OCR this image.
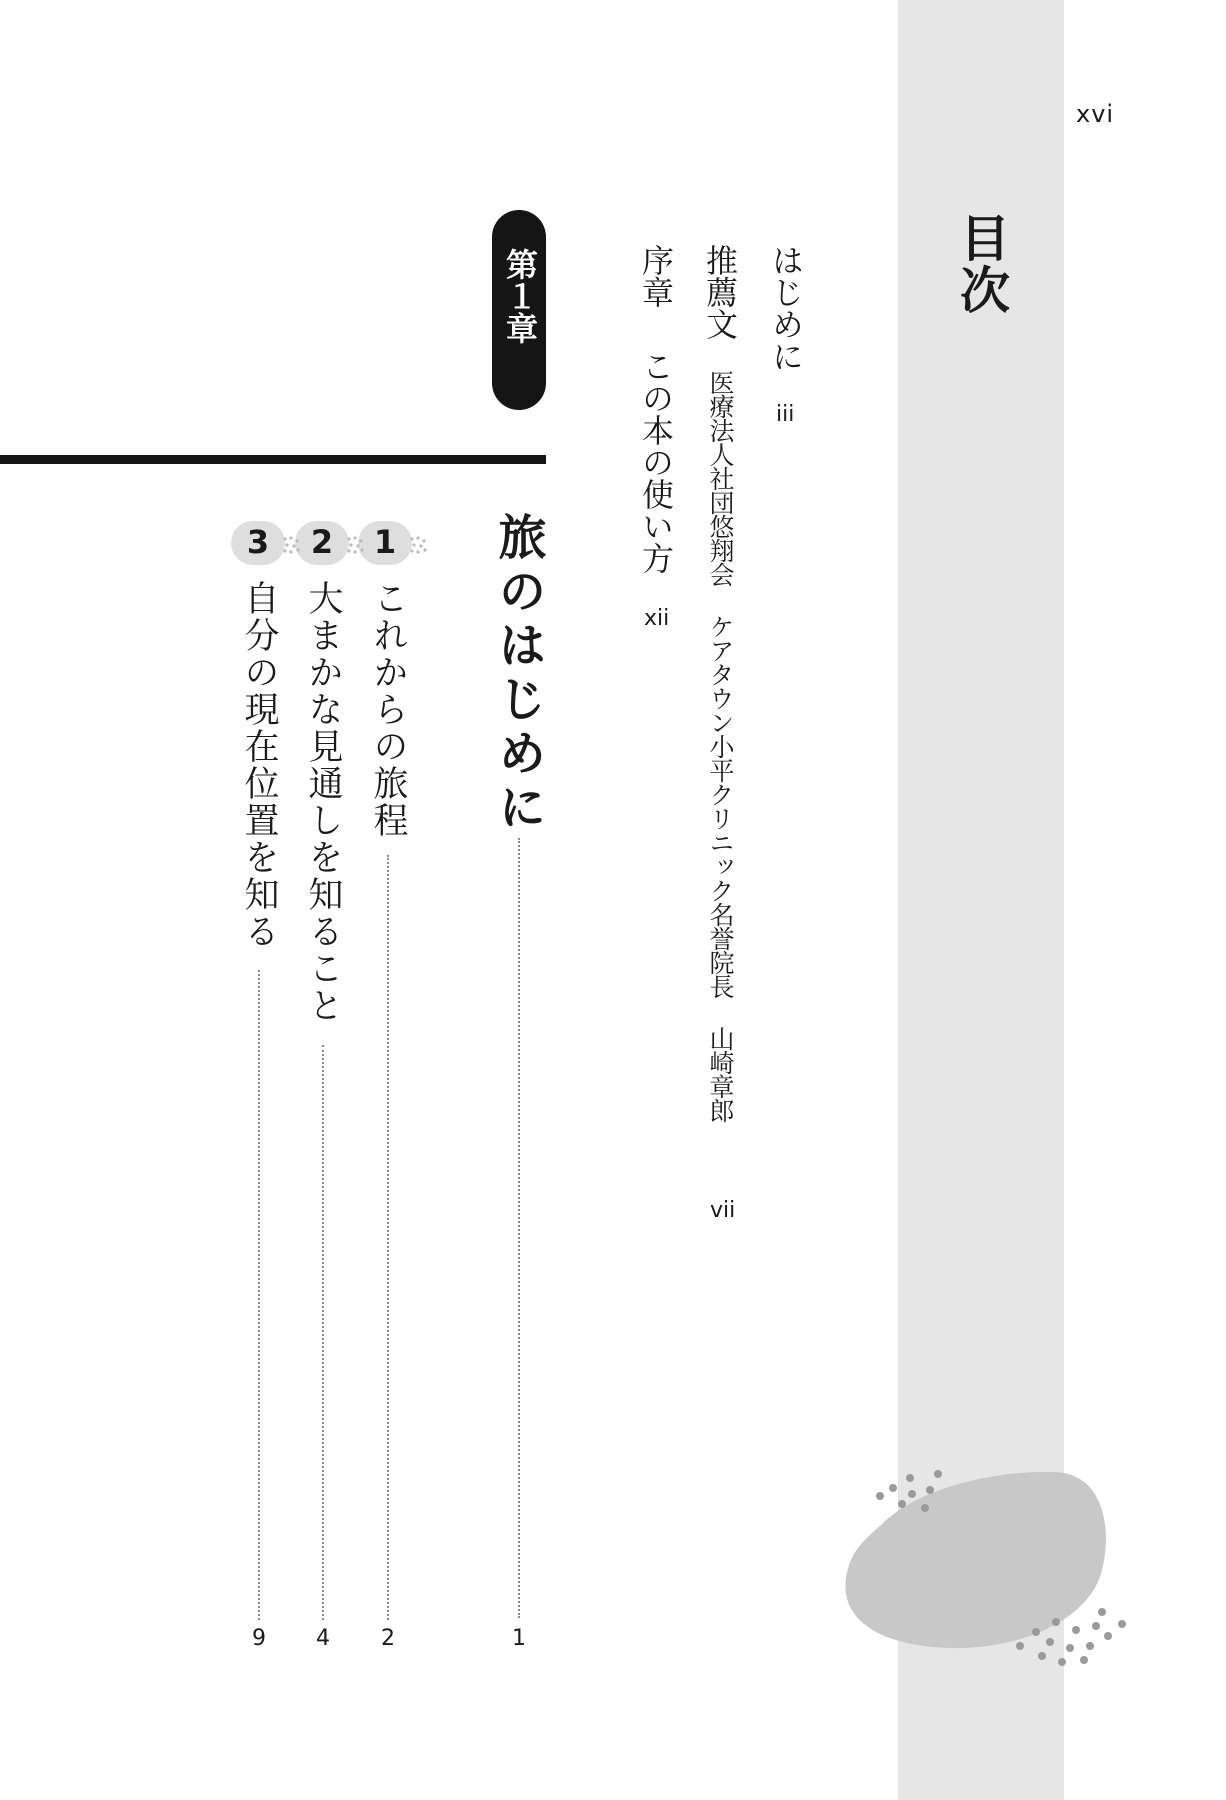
xvi
目次
はじめに
iii
推薦文
医療法人社団悠翔会 ケアタウン小平クリニック名誉院長 山崎章郎
vii
序章
この本の使い方
xii
第１章
旅のはじめに
1
1
これからの旅程
2
2
大まかな見通しを知ること
4
3
自分の現在位置を知る
9
